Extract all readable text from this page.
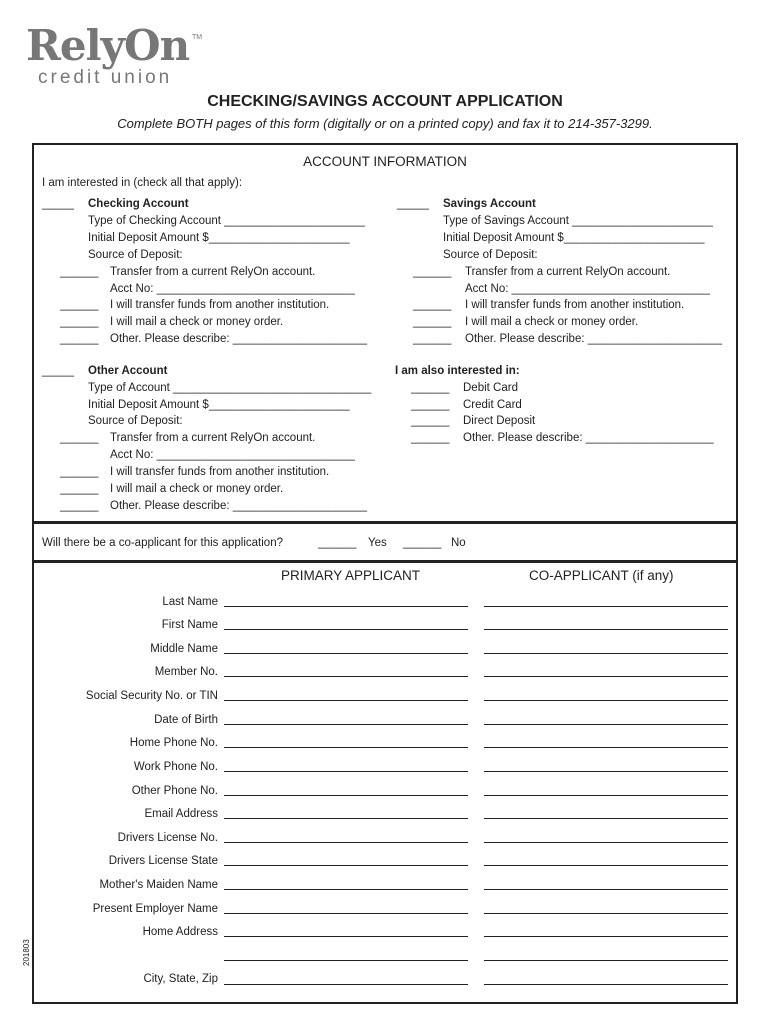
RelyOn TM
credit union
CHECKING/SAVINGS ACCOUNT APPLICATION
Complete BOTH pages of this form (digitally or on a printed copy) and fax it to 214-357-3299.
ACCOUNT INFORMATION
I am interested in (check all that apply):
_____ Checking Account
Type of Checking Account ______________________
Initial Deposit Amount $______________________
Source of Deposit:
______ Transfer from a current RelyOn account.
Acct No: _______________________________
______ I will transfer funds from another institution.
______ I will mail a check or money order.
______ Other. Please describe: _____________________
_____ Savings Account
Type of Savings Account ______________________
Initial Deposit Amount $______________________
Source of Deposit:
______ Transfer from a current RelyOn account.
Acct No: _______________________________
______ I will transfer funds from another institution.
______ I will mail a check or money order.
______ Other. Please describe: _____________________
_____ Other Account
Type of Account _______________________________
Initial Deposit Amount $______________________
Source of Deposit:
______ Transfer from a current RelyOn account.
Acct No: _______________________________
______ I will transfer funds from another institution.
______ I will mail a check or money order.
______ Other. Please describe: _____________________
I am also interested in:
______ Debit Card
______ Credit Card
______ Direct Deposit
______ Other. Please describe: ____________________
Will there be a co-applicant for this application?	______ Yes ______ No
PRIMARY APPLICANT	CO-APPLICANT (if any)
Last Name
First Name
Middle Name
Member No.
Social Security No. or TIN
Date of Birth
Home Phone No.
Work Phone No.
Other Phone No.
Email Address
Drivers License No.
Drivers License State
Mother's Maiden Name
Present Employer Name
Home Address
City, State, Zip
201803
